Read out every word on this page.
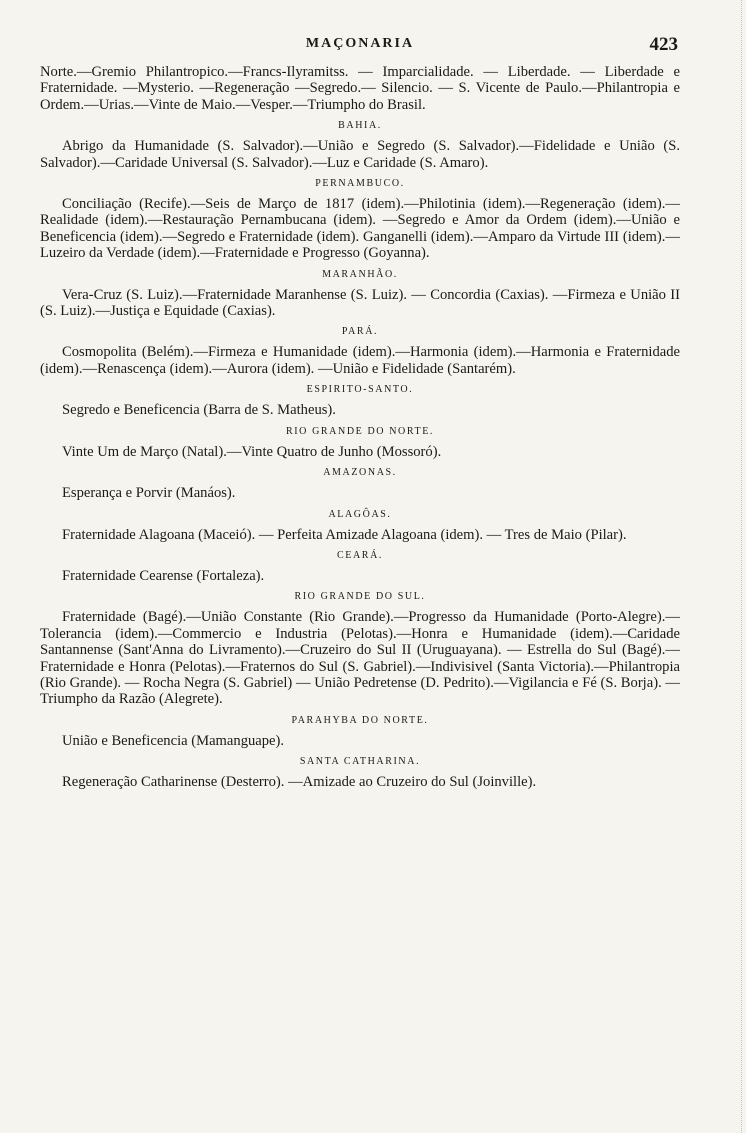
MAÇONARIA	423

Norte.—Gremio Philantropico.—Francs-Ilyramitss. — Imparcialidade. — Liberdade. — Liberdade e Fraternidade. —Mysterio. —Regeneração —Segredo.— Silencio. — S. Vicente de Paulo.—Philantropia e Ordem.—Urias.—Vinte de Maio.—Vesper.—Triumpho do Brasil.

BAHIA.

Abrigo da Humanidade (S. Salvador).—União e Segredo (S. Salvador).—Fidelidade e União (S. Salvador).—Caridade Universal (S. Salvador).—Luz e Caridade (S. Amaro).

PERNAMBUCO.

Conciliação (Recife).—Seis de Março de 1817 (idem).—Philotinia (idem).—Regeneração (idem).—Realidade (idem).—Restauração Pernambucana (idem). —Segredo e Amor da Ordem (idem).—União e Beneficencia (idem).—Segredo e Fraternidade (idem). Ganganelli (idem).—Amparo da Virtude III (idem).—Luzeiro da Verdade (idem).—Fraternidade e Progresso (Goyanna).

MARANHÃO.

Vera-Cruz (S. Luiz).—Fraternidade Maranhense (S. Luiz). — Concordia (Caxias). —Firmeza e União II (S. Luiz).—Justiça e Equidade (Caxias).

PARÁ.

Cosmopolita (Belém).—Firmeza e Humanidade (idem).—Harmonia (idem).—Harmonia e Fraternidade (idem).—Renascença (idem).—Aurora (idem). —União e Fidelidade (Santarém).

ESPIRITO-SANTO.

Segredo e Beneficencia (Barra de S. Matheus).

RIO GRANDE DO NORTE.

Vinte Um de Março (Natal).—Vinte Quatro de Junho (Mossoró).

AMAZONAS.

Esperança e Porvir (Manáos).

ALAGÔAS.

Fraternidade Alagoana (Maceió). — Perfeita Amizade Alagoana (idem). — Tres de Maio (Pilar).

CEARÁ.

Fraternidade Cearense (Fortaleza).

RIO GRANDE DO SUL.

Fraternidade (Bagé).—União Constante (Rio Grande).—Progresso da Humanidade (Porto-Alegre).—Tolerancia (idem).—Commercio e Industria (Pelotas).—Honra e Humanidade (idem).—Caridade Santannense (Sant'Anna do Livramento).—Cruzeiro do Sul II (Uruguayana). — Estrella do Sul (Bagé).— Fraternidade e Honra (Pelotas).—Fraternos do Sul (S. Gabriel).—Indivisivel (Santa Victoria).—Philantropia (Rio Grande). — Rocha Negra (S. Gabriel) — União Pedretense (D. Pedrito).—Vigilancia e Fé (S. Borja). —Triumpho da Razão (Alegrete).

PARAHYBA DO NORTE.

União e Beneficencia (Mamanguape).

SANTA CATHARINA.

Regeneração Catharinense (Desterro). —Amizade ao Cruzeiro do Sul (Joinville).
